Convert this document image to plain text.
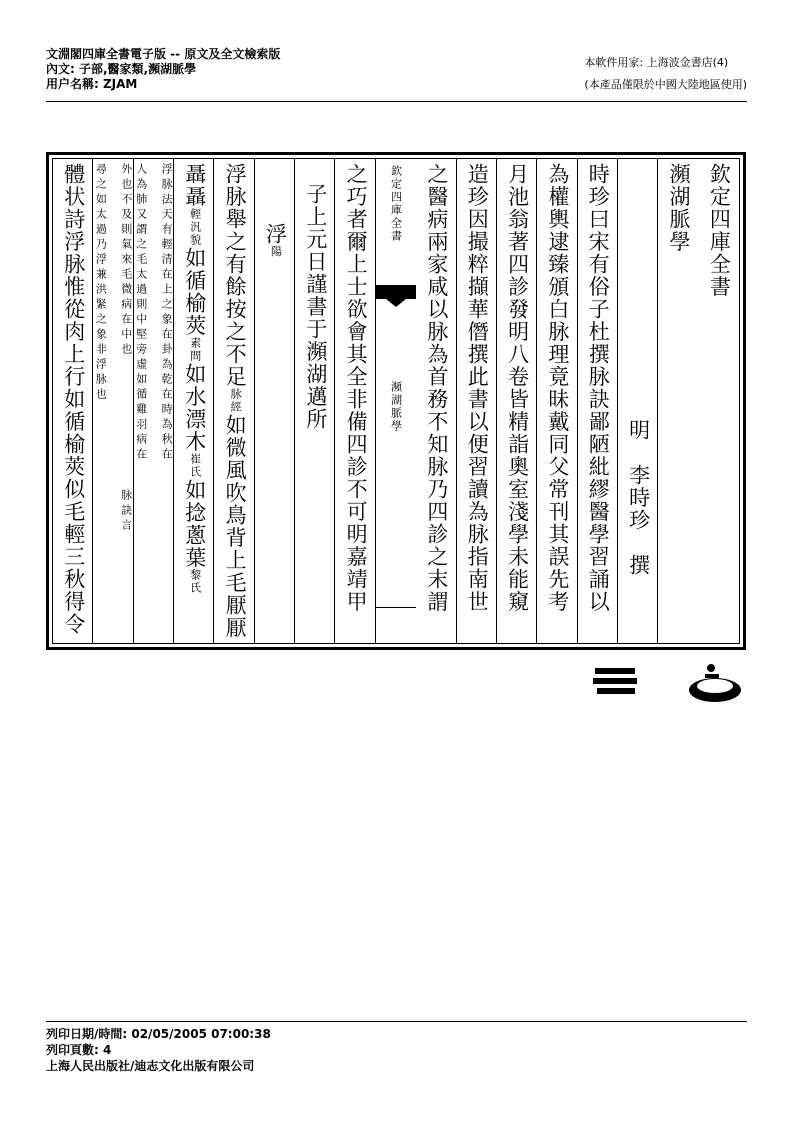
文淵閣四庫全書電子版 -- 原文及全文檢索版
內文: 子部,醫家類,瀕湖脈學
用户名稱: ZJAM
本軟件用家: 上海波金書店(4)
(本產品僅限於中國大陸地區使用)
欽定四庫全書
瀕湖脈學
明　李時珍　撰
時珍曰宋有俗子杜撰脉訣鄙陋紕繆醫學習誦以
為權輿逮臻頒白脉理竟昧戴同父常刊其誤先考
月池翁著四診發明八卷皆精詣奧室淺學未能窺
造珍因撮粹擷華僭撰此書以便習讀為脉指南世
之醫病兩家咸以脉為首務不知脉乃四診之末謂
欽定四庫全書
瀕湖脈學
之巧者爾上士欲會其全非備四診不可明嘉靖甲
子上元日謹書于瀕湖邁所
浮陽
浮脉舉之有餘按之不足脉經如微風吹鳥背上毛厭厭
聶聶輕汎貌如循榆莢素問如水漂木崔氏如捻蔥葉黎氏
浮脉法天有輕清在上之象在卦為乾在時為秋在
人為肺又謂之毛太過則中堅旁虛如循雞羽病在
外也不及則氣來毛微病在中也
尋之如太過乃浮兼洪緊之象非浮脉也
脉訣言
體状詩浮脉惟從肉上行如循榆莢似毛輕三秋得令
列印日期/時間: 02/05/2005 07:00:38
列印頁數: 4
上海人民出版社/迪志文化出版有限公司
